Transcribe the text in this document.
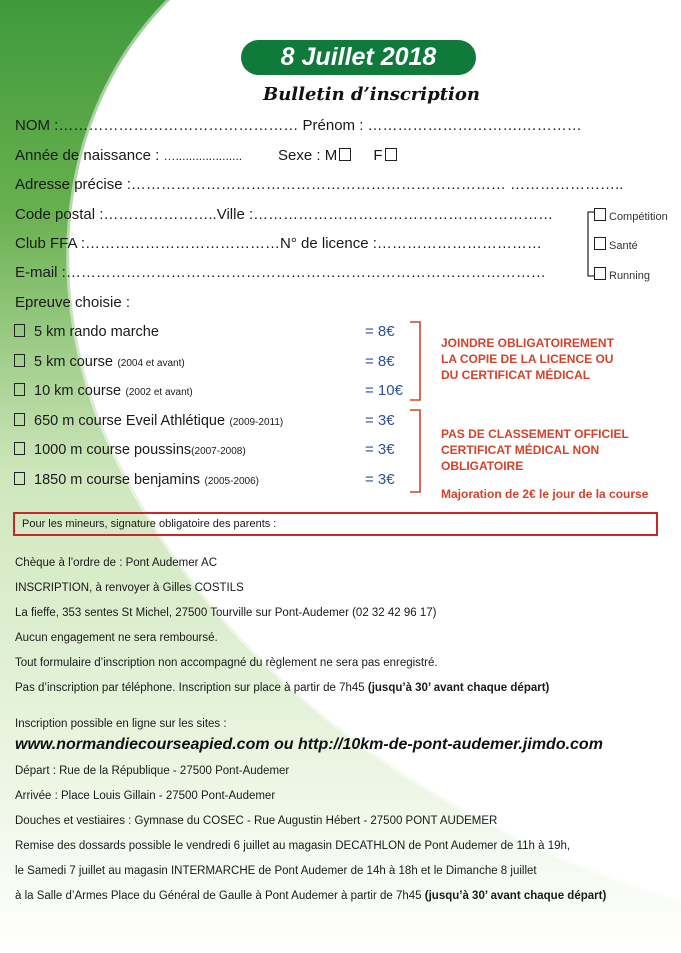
8 Juillet 2018
Bulletin d’inscription
NOM :………………………………………… Prénom : ………………………….…………
Année de naissance : ….................... Sexe : M F
Adresse précise :………………………………………………………………… …………………..
Code postal :…………………..Ville :……………………………………………………
Club FFA :…………………………………N° de licence :……………………………
E-mail :……………………………………………………………………………………
Compétition
Santé
Running
Epreuve choisie :
5 km rando marche	= 8€
5 km course (2004 et avant)	= 8€
10 km course (2002 et avant)	= 10€
650 m course Eveil Athlétique (2009-2011)	= 3€
1000 m course poussins(2007-2008)	= 3€
1850 m course benjamins (2005-2006)	= 3€
JOINDRE OBLIGATOIREMENT
LA COPIE DE LA LICENCE OU
DU CERTIFICAT MÉDICAL
PAS DE CLASSEMENT OFFICIEL
CERTIFICAT MÉDICAL NON
OBLIGATOIRE
Majoration de 2€ le jour de la course
Pour les mineurs, signature obligatoire des parents :
Chèque à l’ordre de : Pont Audemer AC
INSCRIPTION, à renvoyer à Gilles COSTILS
La fieffe, 353 sentes St Michel, 27500 Tourville sur Pont-Audemer (02 32 42 96 17)
Aucun engagement ne sera remboursé.
Tout formulaire d’inscription non accompagné du règlement ne sera pas enregistré.
Pas d’inscription par téléphone. Inscription sur place à partir de 7h45 (jusqu’à 30’ avant chaque départ)
Inscription possible en ligne sur les sites :
www.normandiecourseapied.com ou http://10km-de-pont-audemer.jimdo.com
Départ : Rue de la République - 27500 Pont-Audemer
Arrivée : Place Louis Gillain - 27500 Pont-Audemer
Douches et vestiaires : Gymnase du COSEC - Rue Augustin Hébert - 27500 PONT AUDEMER
Remise des dossards possible le vendredi 6 juillet au magasin DECATHLON de Pont Audemer de 11h à 19h,
le Samedi 7 juillet au magasin INTERMARCHE de Pont Audemer de 14h à 18h et le Dimanche 8 juillet
à la Salle d’Armes Place du Général de Gaulle à Pont Audemer à partir de 7h45 (jusqu’à 30’ avant chaque départ)
